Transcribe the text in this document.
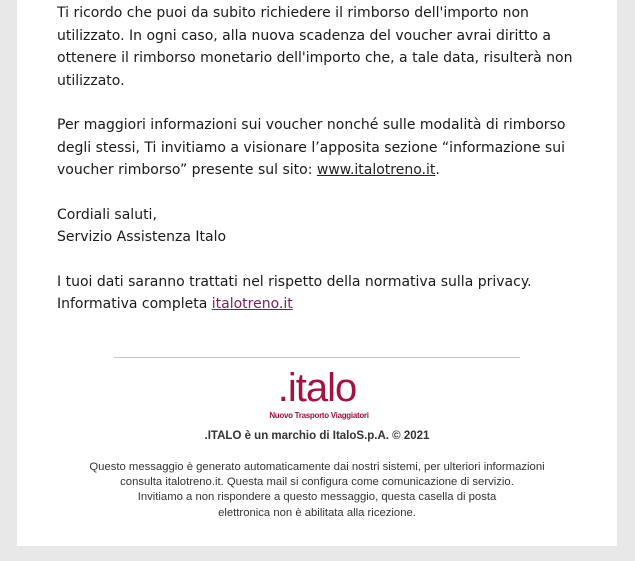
Ti ricordo che puoi da subito richiedere il rimborso dell'importo non
utilizzato. In ogni caso, alla nuova scadenza del voucher avrai diritto a
ottenere il rimborso monetario dell'importo che, a tale data, risulterà non
utilizzato.

Per maggiori informazioni sui voucher nonché sulle modalità di rimborso
degli stessi, Ti invitiamo a visionare l’apposita sezione “informazione sui
voucher rimborso” presente sul sito: www.italotreno.it.

Cordiali saluti,
Servizio Assistenza Italo

I tuoi dati saranno trattati nel rispetto della normativa sulla privacy.
Informativa completa italotreno.it

.italo
Nuovo Trasporto Viaggiatori
.ITALO è un marchio di ItaloS.p.A. © 2021
Questo messaggio è generato automaticamente dai nostri sistemi, per ulteriori informazioni
consulta italotreno.it. Questa mail si configura come comunicazione di servizio.
Invitiamo a non rispondere a questo messaggio, questa casella di posta
elettronica non è abilitata alla ricezione.
